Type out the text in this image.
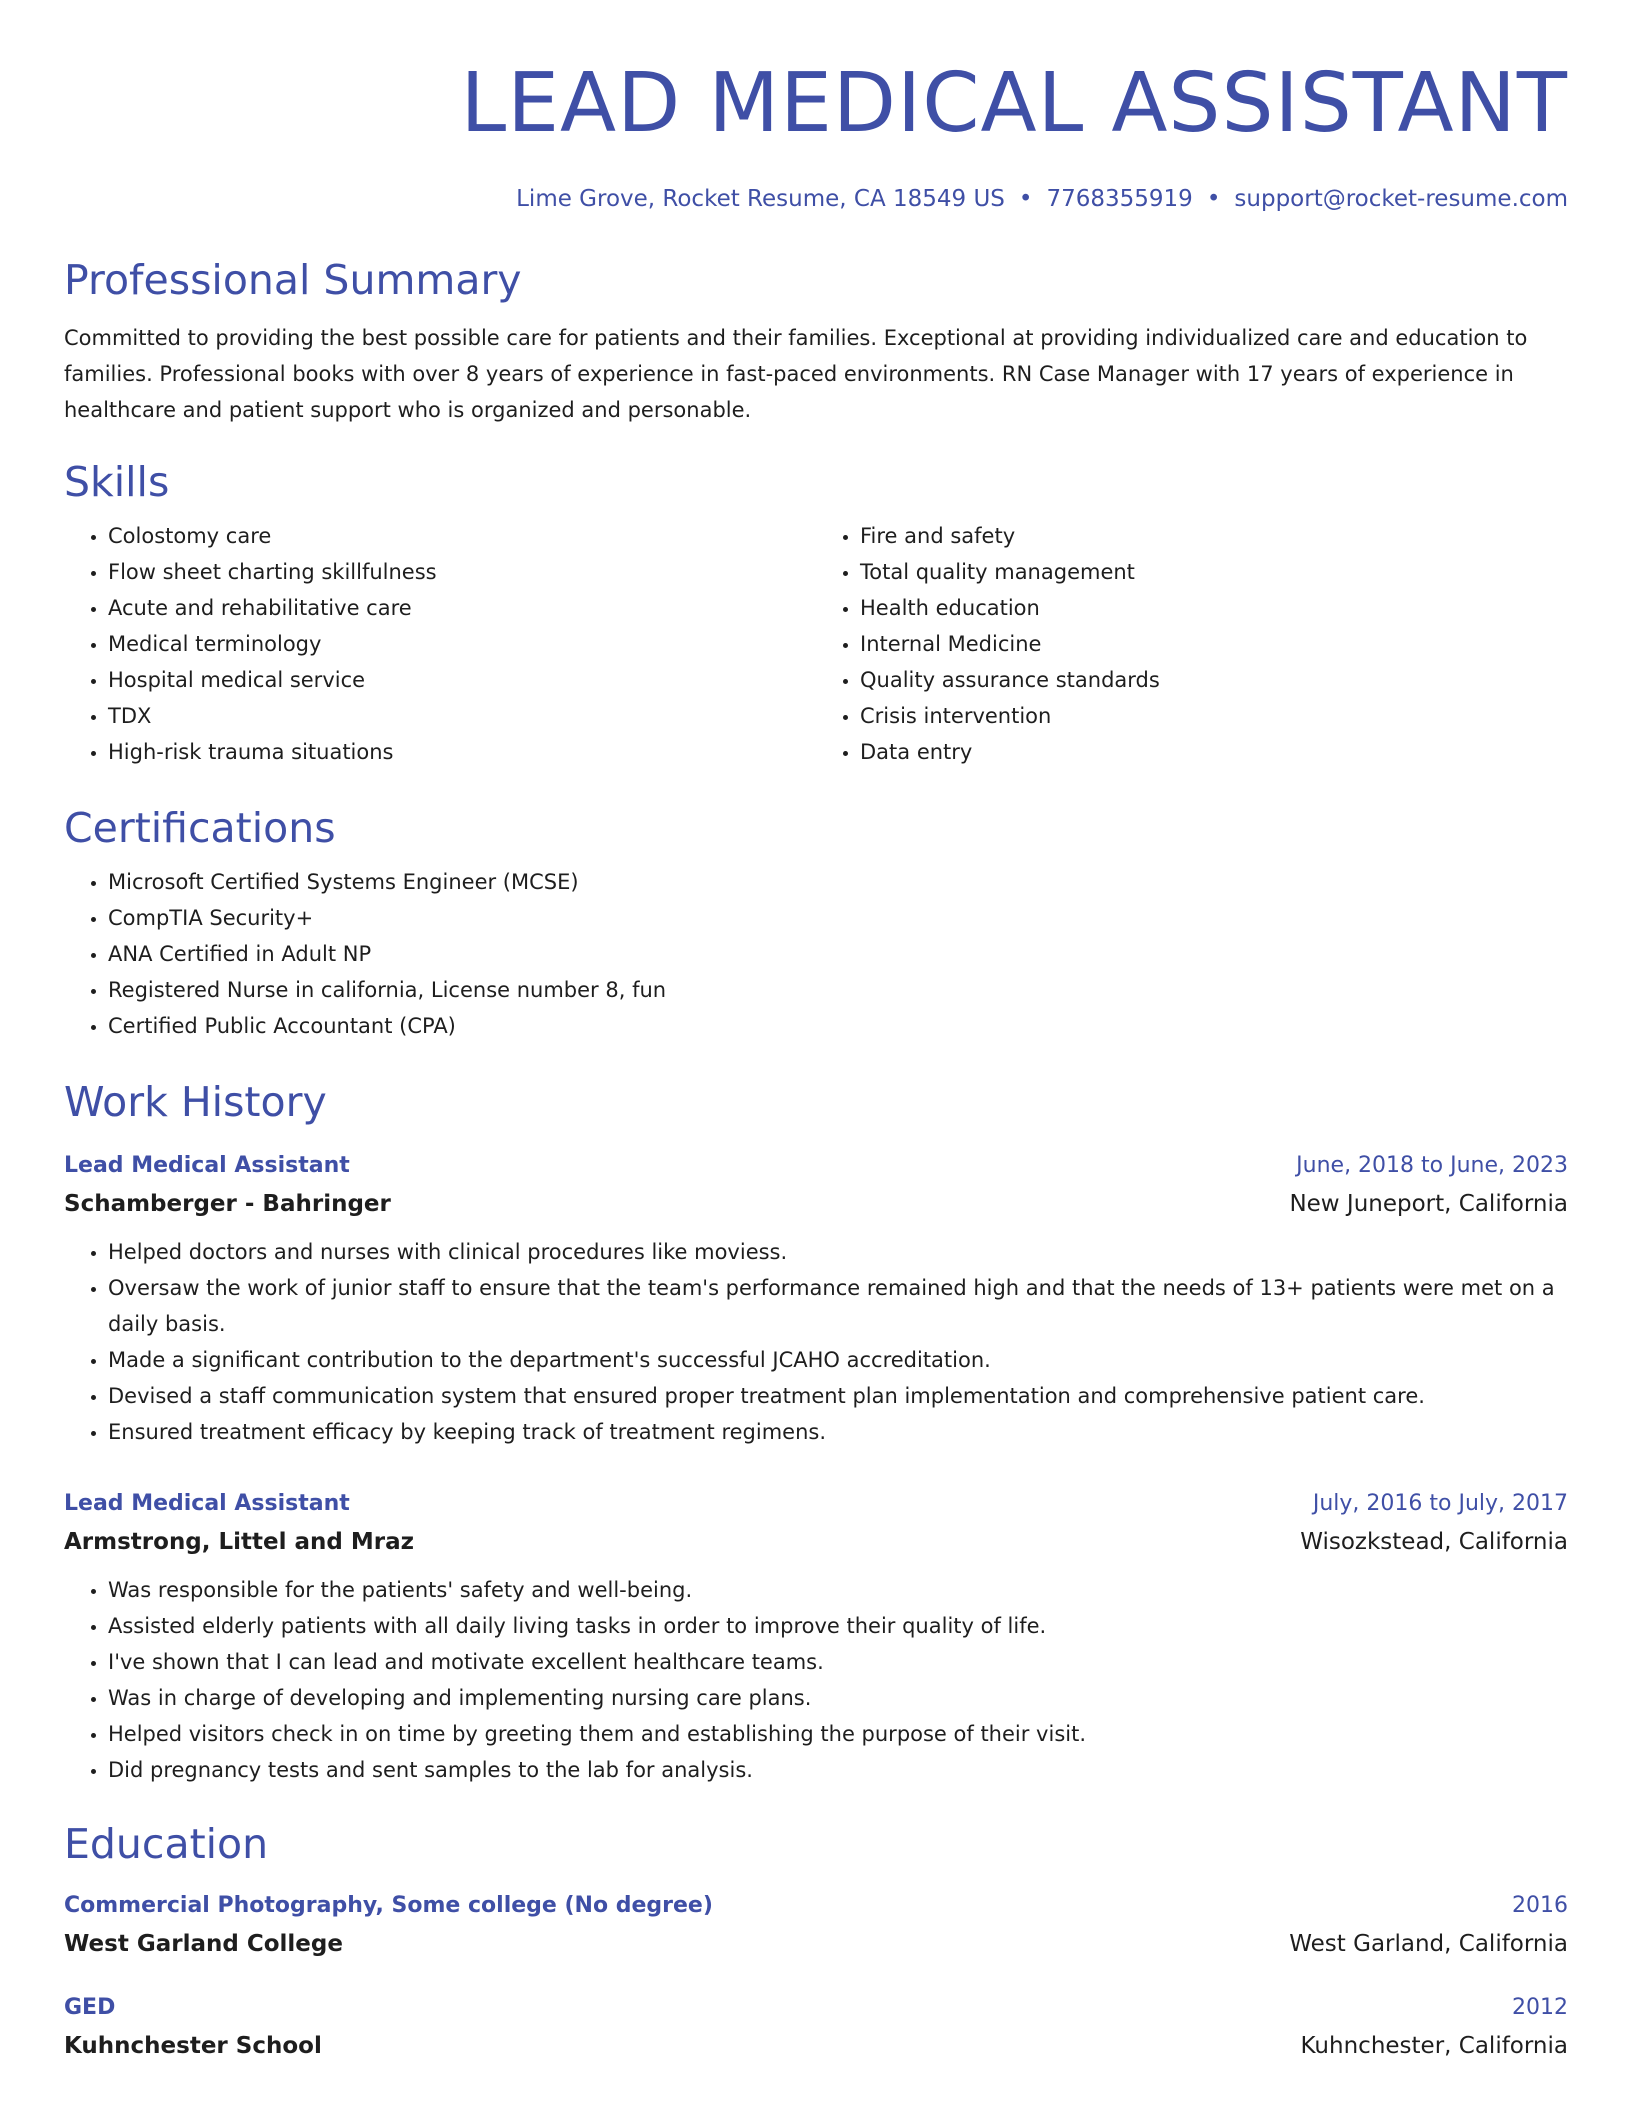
LEAD MEDICAL ASSISTANT
Lime Grove, Rocket Resume, CA 18549 US • 7768355919 • support@rocket-resume.com
Professional Summary
Committed to providing the best possible care for patients and their families. Exceptional at providing individualized care and education to families. Professional books with over 8 years of experience in fast-paced environments. RN Case Manager with 17 years of experience in healthcare and patient support who is organized and personable.
Skills
• Colostomy care
• Flow sheet charting skillfulness
• Acute and rehabilitative care
• Medical terminology
• Hospital medical service
• TDX
• High-risk trauma situations
• Fire and safety
• Total quality management
• Health education
• Internal Medicine
• Quality assurance standards
• Crisis intervention
• Data entry
Certifications
• Microsoft Certified Systems Engineer (MCSE)
• CompTIA Security+
• ANA Certified in Adult NP
• Registered Nurse in california, License number 8, fun
• Certified Public Accountant (CPA)
Work History
Lead Medical Assistant	June, 2018 to June, 2023
Schamberger - Bahringer	New Juneport, California
• Helped doctors and nurses with clinical procedures like moviess.
• Oversaw the work of junior staff to ensure that the team's performance remained high and that the needs of 13+ patients were met on a daily basis.
• Made a significant contribution to the department's successful JCAHO accreditation.
• Devised a staff communication system that ensured proper treatment plan implementation and comprehensive patient care.
• Ensured treatment efficacy by keeping track of treatment regimens.
Lead Medical Assistant	July, 2016 to July, 2017
Armstrong, Littel and Mraz	Wisozkstead, California
• Was responsible for the patients' safety and well-being.
• Assisted elderly patients with all daily living tasks in order to improve their quality of life.
• I've shown that I can lead and motivate excellent healthcare teams.
• Was in charge of developing and implementing nursing care plans.
• Helped visitors check in on time by greeting them and establishing the purpose of their visit.
• Did pregnancy tests and sent samples to the lab for analysis.
Education
Commercial Photography, Some college (No degree)	2016
West Garland College	West Garland, California
GED	2012
Kuhnchester School	Kuhnchester, California
